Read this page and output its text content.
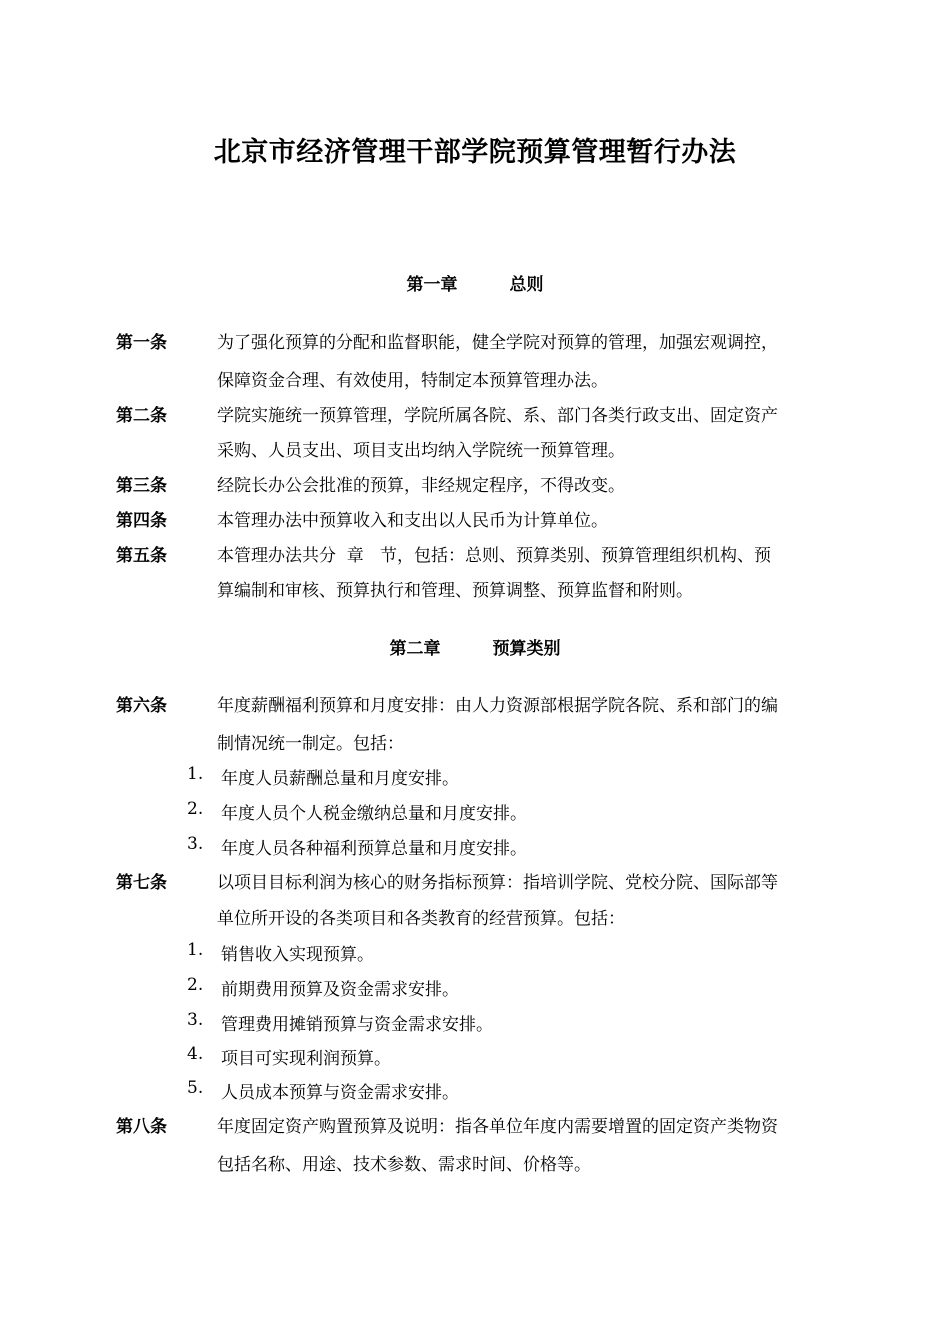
北京市经济管理干部学院预算管理暂行办法
第一章	总则
第一条	为了强化预算的分配和监督职能，健全学院对预算的管理，加强宏观调控，
保障资金合理、有效使用，特制定本预算管理办法。
第二条	学院实施统一预算管理，学院所属各院、系、部门各类行政支出、固定资产
采购、人员支出、项目支出均纳入学院统一预算管理。
第三条	经院长办公会批准的预算，非经规定程序，不得改变。
第四条	本管理办法中预算收入和支出以人民币为计算单位。
第五条	本管理办法共分  章   节，包括：总则、预算类别、预算管理组织机构、预
算编制和审核、预算执行和管理、预算调整、预算监督和附则。
第二章	预算类别
第六条	年度薪酬福利预算和月度安排：由人力资源部根据学院各院、系和部门的编
制情况统一制定。包括：
1. 年度人员薪酬总量和月度安排。
2. 年度人员个人税金缴纳总量和月度安排。
3. 年度人员各种福利预算总量和月度安排。
第七条	以项目目标利润为核心的财务指标预算：指培训学院、党校分院、国际部等
单位所开设的各类项目和各类教育的经营预算。包括：
1. 销售收入实现预算。
2. 前期费用预算及资金需求安排。
3. 管理费用摊销预算与资金需求安排。
4. 项目可实现利润预算。
5. 人员成本预算与资金需求安排。
第八条	年度固定资产购置预算及说明：指各单位年度内需要增置的固定资产类物资
包括名称、用途、技术参数、需求时间、价格等。
